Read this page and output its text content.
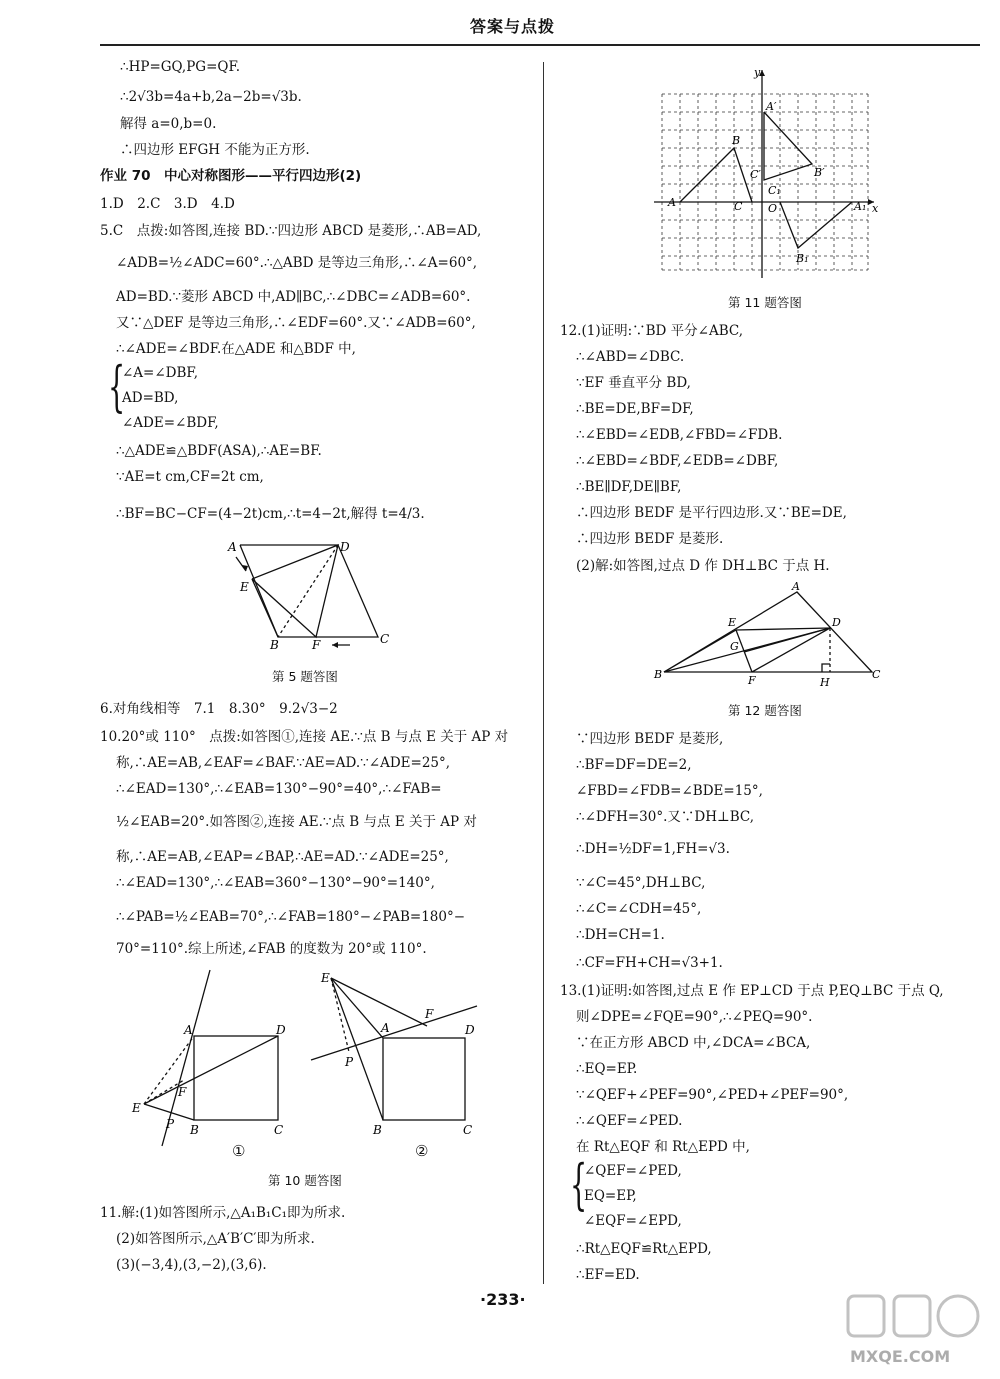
答案与点拨
∴HP=GQ,PG=QF.
∴2√3b=4a+b,2a−2b=√3b.
解得 a=0,b=0.
∴四边形 EFGH 不能为正方形.
作业 70　中心对称图形——平行四边形(2)
1.D　2.C　3.D　4.D
5.C　点拨:如答图,连接 BD.∵四边形 ABCD 是菱形,∴AB=AD,
∠ADB=½∠ADC=60°.∴△ABD 是等边三角形,∴∠A=60°,
AD=BD.∵菱形 ABCD 中,AD∥BC,∴∠DBC=∠ADB=60°.
又∵△DEF 是等边三角形,∴∠EDF=60°.又∵∠ADB=60°,
∴∠ADE=∠BDF.在△ADE 和△BDF 中,
{
∠A=∠DBF,
AD=BD,
∠ADE=∠BDF,
∴△ADE≌△BDF(ASA),∴AE=BF.
∵AE=t cm,CF=2t cm,
∴BF=BC−CF=(4−2t)cm,∴t=4−2t,解得 t=4/3.
A	D
E
B	F	C
第 5 题答图
6.对角线相等　7.1　8.30°　9.2√3−2
10.20°或 110°　点拨:如答图①,连接 AE.∵点 B 与点 E 关于 AP 对
称,∴AE=AB,∠EAF=∠BAF.∵AE=AD.∵∠ADE=25°,
∴∠EAD=130°,∴∠EAB=130°−90°=40°,∴∠FAB=
½∠EAB=20°.如答图②,连接 AE.∵点 B 与点 E 关于 AP 对
称,∴AE=AB,∠EAP=∠BAP,∴AE=AD.∵∠ADE=25°,
∴∠EAD=130°,∴∠EAB=360°−130°−90°=140°,
∴∠PAB=½∠EAB=70°,∴∠FAB=180°−∠PAB=180°−
70°=110°.综上所述,∠FAB 的度数为 20°或 110°.
A	D
E
F
P B	C
E
A
F
D
P
B	C
①	②
第 10 题答图
11.解:(1)如答图所示,△A₁B₁C₁即为所求.
(2)如答图所示,△A′B′C′即为所求.
(3)(−3,4),(3,−2),(3,6).
y
x
A
B
C
A′
B′
C′
C₁
O	A₁
B₁
第 11 题答图
12.(1)证明:∵BD 平分∠ABC,
∴∠ABD=∠DBC.
∵EF 垂直平分 BD,
∴BE=DE,BF=DF,
∴∠EBD=∠EDB,∠FBD=∠FDB.
∴∠EBD=∠BDF,∠EDB=∠DBF,
∴BE∥DF,DE∥BF,
∴四边形 BEDF 是平行四边形.又∵BE=DE,
∴四边形 BEDF 是菱形.
(2)解:如答图,过点 D 作 DH⊥BC 于点 H.
A
E	D
G
B	F	H
C
第 12 题答图
∵四边形 BEDF 是菱形,
∴BF=DF=DE=2,
∠FBD=∠FDB=∠BDE=15°,
∴∠DFH=30°.又∵DH⊥BC,
∴DH=½DF=1,FH=√3.
∵∠C=45°,DH⊥BC,
∴∠C=∠CDH=45°,
∴DH=CH=1.
∴CF=FH+CH=√3+1.
13.(1)证明:如答图,过点 E 作 EP⊥CD 于点 P,EQ⊥BC 于点 Q,
则∠DPE=∠FQE=90°,∴∠PEQ=90°.
∵在正方形 ABCD 中,∠DCA=∠BCA,
∴EQ=EP.
∵∠QEF+∠PEF=90°,∠PED+∠PEF=90°,
∴∠QEF=∠PED.
在 Rt△EQF 和 Rt△EPD 中,
{
∠QEF=∠PED,
EQ=EP,
∠EQF=∠EPD,
∴Rt△EQF≌Rt△EPD,
∴EF=ED.
·233·
MXQE.COM
